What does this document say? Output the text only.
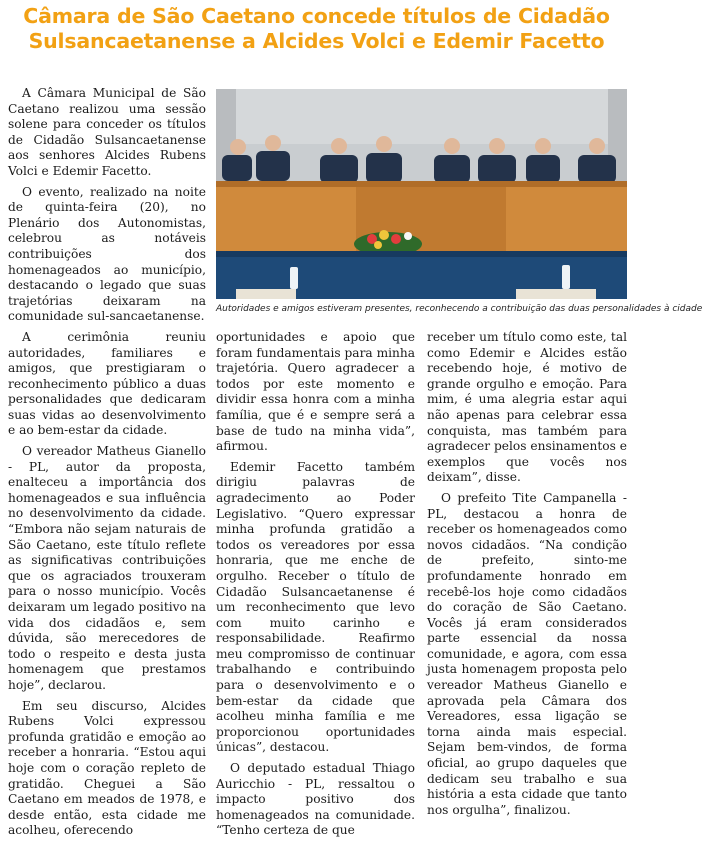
Câmara de São Caetano concede títulos de Cidadão
Sulsancaetanense a Alcides Volci e Edemir Facetto

A Câmara Municipal de São Caetano realizou uma sessão solene para conceder os títulos de Cidadão Sulsancaetanense aos senhores Alcides Rubens Volci e Edemir Facetto.

O evento, realizado na noite de quinta-feira (20), no Plenário dos Autonomistas, celebrou as notáveis contribuições dos homenageados ao município, destacando o legado que suas trajetórias deixaram na comunidade sul-sancaetanense.

A cerimônia reuniu autoridades, familiares e amigos, que prestigiaram o reconhecimento público a duas personalidades que dedicaram suas vidas ao desenvolvimento e ao bem-estar da cidade.

O vereador Matheus Gianello - PL, autor da proposta, enalteceu a importância dos homenageados e sua influência no desenvolvimento da cidade. “Embora não sejam naturais de São Caetano, este título reflete as significativas contribuições que os agraciados trouxeram para o nosso município. Vocês deixaram um legado positivo na vida dos cidadãos e, sem dúvida, são merecedores de todo o respeito e desta justa homenagem que prestamos hoje”, declarou.

Em seu discurso, Alcides Rubens Volci expressou profunda gratidão e emoção ao receber a honraria. “Estou aqui hoje com o coração repleto de gratidão. Cheguei a São Caetano em meados de 1978, e desde então, esta cidade me acolheu, oferecendo

Autoridades e amigos estiveram presentes, reconhecendo a contribuição das duas personalidades à cidade

oportunidades e apoio que foram fundamentais para minha trajetória. Quero agradecer a todos por este momento e dividir essa honra com a minha família, que é e sempre será a base de tudo na minha vida”, afirmou.

Edemir Facetto também dirigiu palavras de agradecimento ao Poder Legislativo. “Quero expressar minha profunda gratidão a todos os vereadores por essa honraria, que me enche de orgulho. Receber o título de Cidadão Sulsancaetanense é um reconhecimento que levo com muito carinho e responsabilidade. Reafirmo meu compromisso de continuar trabalhando e contribuindo para o desenvolvimento e o bem-estar da cidade que acolheu minha família e me proporcionou oportunidades únicas”, destacou.

O deputado estadual Thiago Auricchio - PL, ressaltou o impacto positivo dos homenageados na comunidade. “Tenho certeza de que

receber um título como este, tal como Edemir e Alcides estão recebendo hoje, é motivo de grande orgulho e emoção. Para mim, é uma alegria estar aqui não apenas para celebrar essa conquista, mas também para agradecer pelos ensinamentos e exemplos que vocês nos deixam”, disse.

O prefeito Tite Campanella - PL, destacou a honra de receber os homenageados como novos cidadãos. “Na condição de prefeito, sinto-me profundamente honrado em recebê-los hoje como cidadãos do coração de São Caetano. Vocês já eram considerados parte essencial da nossa comunidade, e agora, com essa justa homenagem proposta pelo vereador Matheus Gianello e aprovada pela Câmara dos Vereadores, essa ligação se torna ainda mais especial. Sejam bem-vindos, de forma oficial, ao grupo daqueles que dedicam seu trabalho e sua história a esta cidade que tanto nos orgulha”, finalizou.
